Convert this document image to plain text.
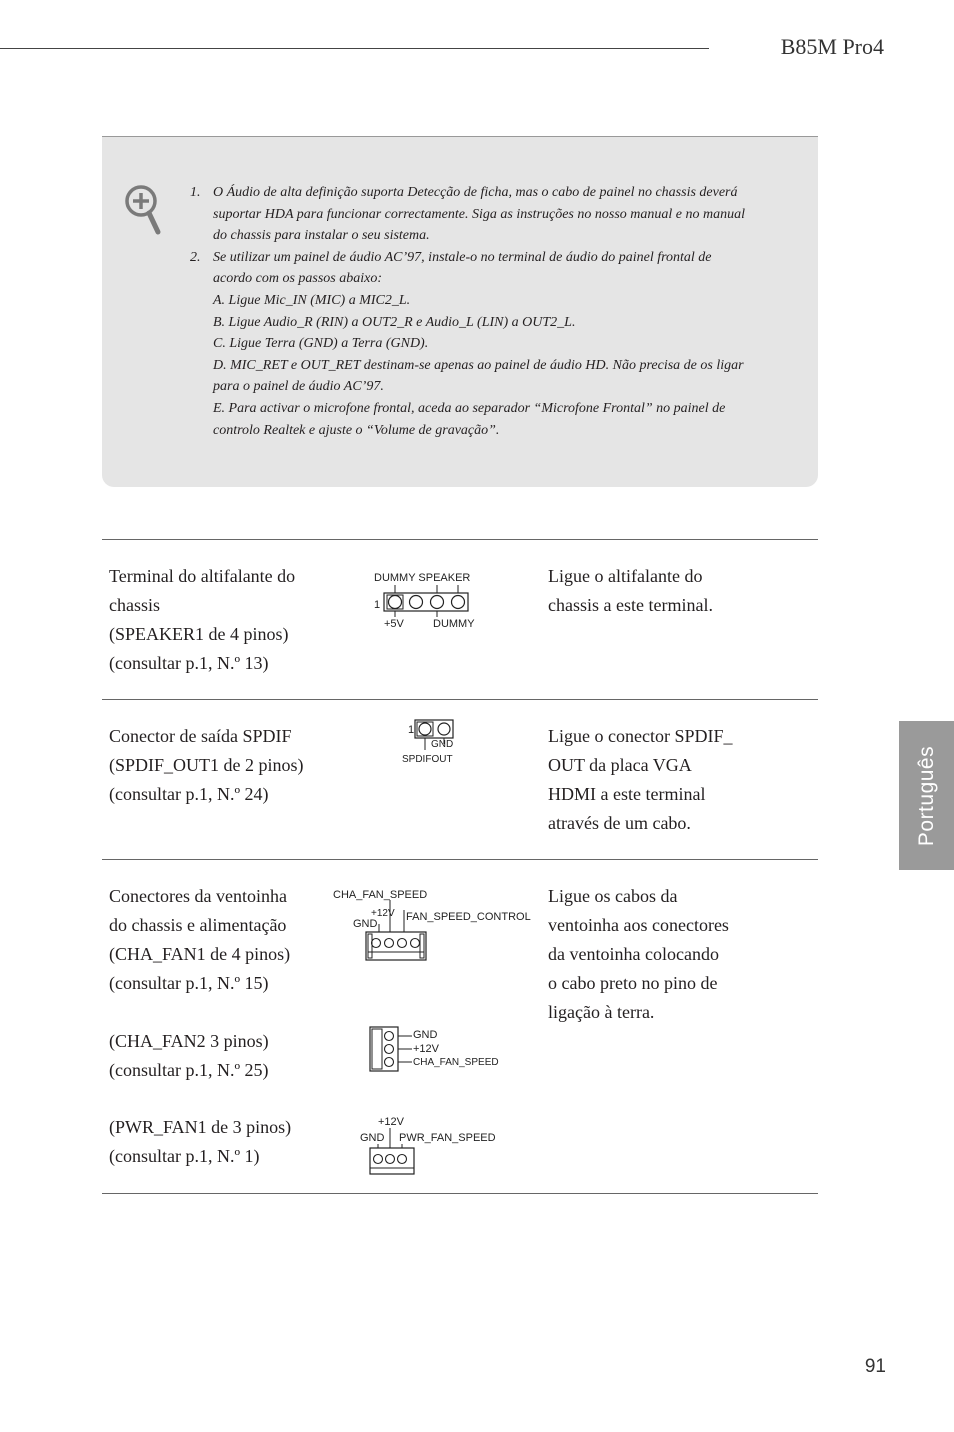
B85M Pro4
1. O Áudio de alta definição suporta Detecção de ficha, mas o cabo de painel no chassis deverá suportar HDA para funcionar correctamente. Siga as instruções no nosso manual e no manual do chassis para instalar o seu sistema.
2. Se utilizar um painel de áudio AC’97, instale-o no terminal de áudio do painel frontal de acordo com os passos abaixo:
A. Ligue Mic_IN (MIC) a MIC2_L.
B. Ligue Audio_R (RIN) a OUT2_R e Audio_L (LIN) a OUT2_L.
C. Ligue Terra (GND) a Terra (GND).
D. MIC_RET e OUT_RET destinam-se apenas ao painel de áudio HD. Não precisa de os ligar para o painel de áudio AC’97.
E. Para activar o microfone frontal, aceda ao separador “Microfone Frontal” no painel de controlo Realtek e ajuste o “Volume de gravação”.
Terminal do altifalante do
chassis
(SPEAKER1 de 4 pinos)
(consultar p.1, N.º 13)
DUMMY SPEAKER
1
+5V	DUMMY
Ligue o altifalante do
chassis a este terminal.
Conector de saída SPDIF
(SPDIF_OUT1 de 2 pinos)
(consultar p.1, N.º 24)
1
GND
SPDIFOUT
Ligue o conector SPDIF_
OUT da placa VGA
HDMI a este terminal
através de um cabo.
Conectores da ventoinha
do chassis e alimentação
(CHA_FAN1 de 4 pinos)
(consultar p.1, N.º 15)
(CHA_FAN2 3 pinos)
(consultar p.1, N.º 25)
(PWR_FAN1 de 3 pinos)
(consultar p.1, N.º 1)
CHA_FAN_SPEED
+12V FAN_SPEED_CONTROL
GND
GND
+12V
CHA_FAN_SPEED
+12V
GND PWR_FAN_SPEED
Ligue os cabos da
ventoinha aos conectores
da ventoinha colocando
o cabo preto no pino de
ligação à terra.
Português
91
